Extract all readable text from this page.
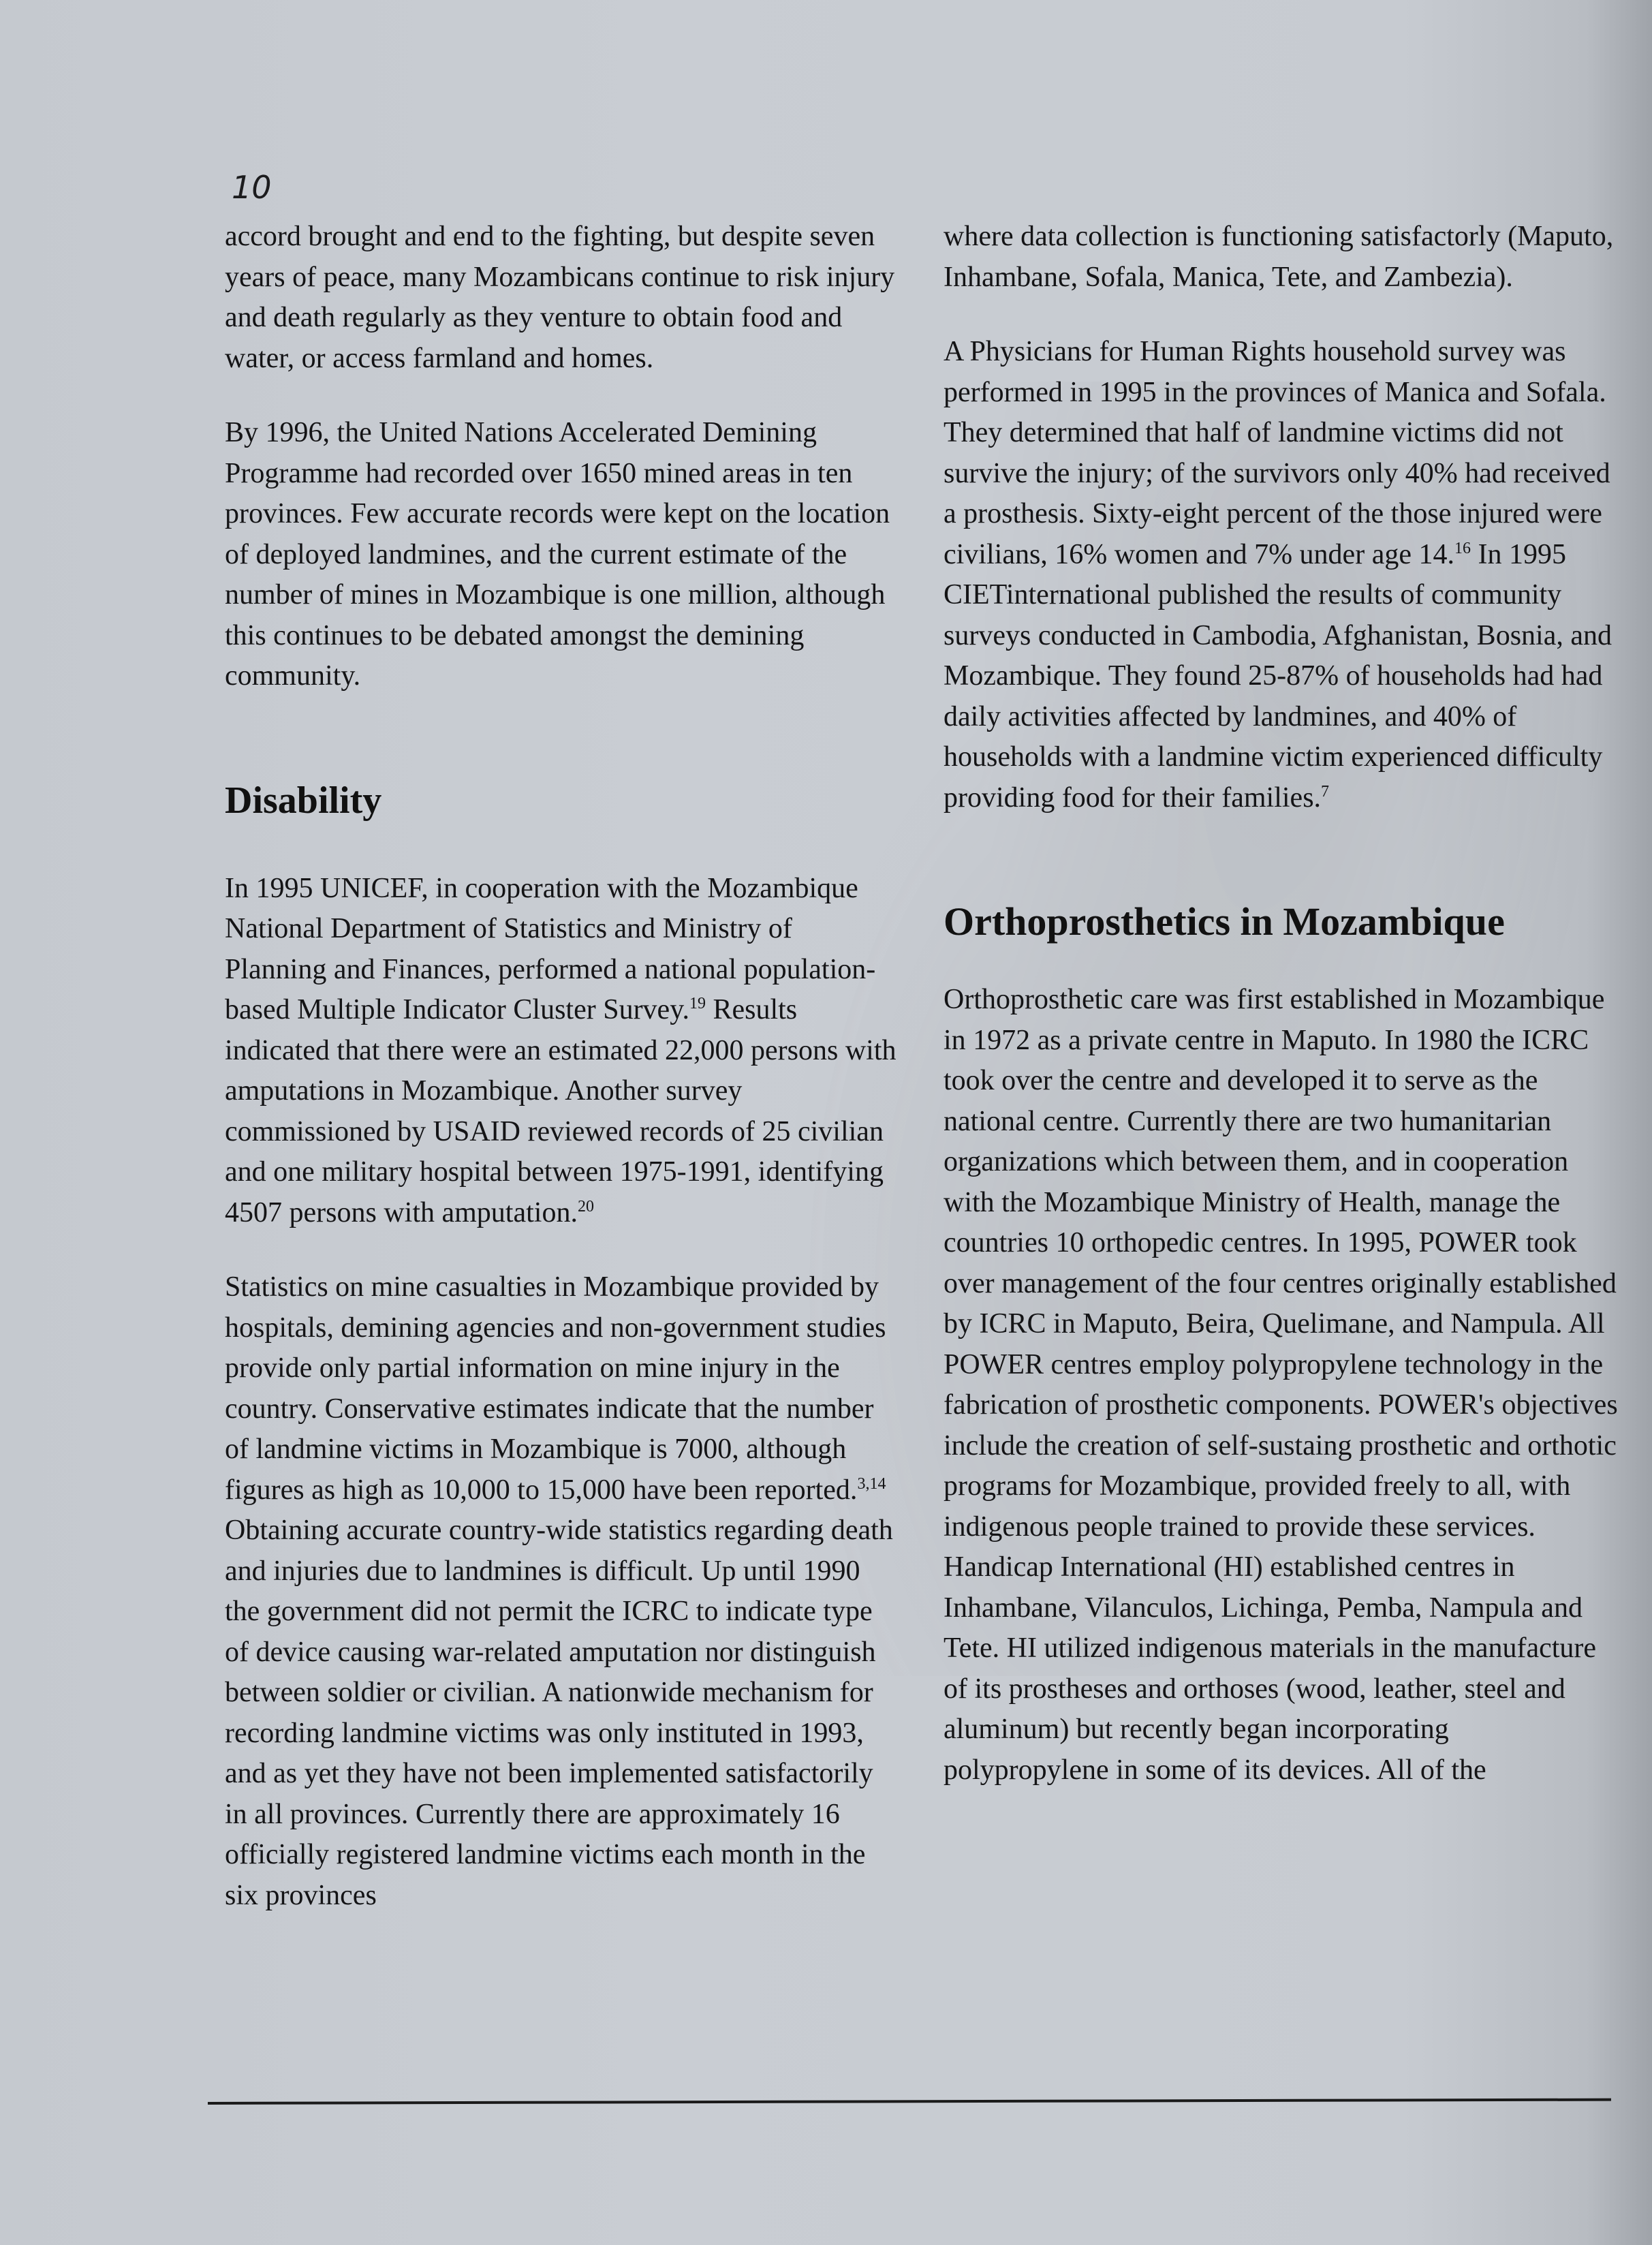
10

accord brought and end to the fighting, but despite seven years of peace, many Mozambicans continue to risk injury and death regularly as they venture to obtain food and water, or access farmland and homes.

By 1996, the United Nations Accelerated Demining Programme had recorded over 1650 mined areas in ten provinces. Few accurate records were kept on the location of deployed landmines, and the current estimate of the number of mines in Mozambique is one million, although this continues to be debated amongst the demining community.

Disability

In 1995 UNICEF, in cooperation with the Mozambique National Department of Statistics and Ministry of Planning and Finances, performed a national population-based Multiple Indicator Cluster Survey.$^{19}$ Results indicated that there were an estimated 22,000 persons with amputations in Mozambique. Another survey commissioned by USAID reviewed records of 25 civilian and one military hospital between 1975-1991, identifying 4507 persons with amputation.$^{20}$

Statistics on mine casualties in Mozambique provided by hospitals, demining agencies and non-government studies provide only partial information on mine injury in the country. Conservative estimates indicate that the number of landmine victims in Mozambique is 7000, although figures as high as 10,000 to 15,000 have been reported.$^{3,14}$ Obtaining accurate country-wide statistics regarding death and injuries due to landmines is difficult. Up until 1990 the government did not permit the ICRC to indicate type of device causing war-related amputation nor distinguish between soldier or civilian. A nationwide mechanism for recording landmine victims was only instituted in 1993, and as yet they have not been implemented satisfactorily in all provinces. Currently there are approximately 16 officially registered landmine victims each month in the six provinces

where data collection is functioning satisfactorly (Maputo, Inhambane, Sofala, Manica, Tete, and Zambezia).

A Physicians for Human Rights household survey was performed in 1995 in the provinces of Manica and Sofala. They determined that half of landmine victims did not survive the injury; of the survivors only 40% had received a prosthesis. Sixty-eight percent of the those injured were civilians, 16% women and 7% under age 14.16 In 1995 CIETinternational published the results of community surveys conducted in Cambodia, Afghanistan, Bosnia, and Mozambique. They found 25-87% of households had had daily activities affected by landmines, and 40% of households with a landmine victim experienced difficulty providing food for their families.$^7$

Orthoprosthetics in Mozambique

Orthoprosthetic care was first established in Mozambique in 1972 as a private centre in Maputo. In 1980 the ICRC took over the centre and developed it to serve as the national centre. Currently there are two humanitarian organizations which between them, and in cooperation with the Mozambique Ministry of Health, manage the countries 10 orthopedic centres. In 1995, POWER took over management of the four centres originally established by ICRC in Maputo, Beira, Quelimane, and Nampula. All POWER centres employ polypropylene technology in the fabrication of prosthetic components. POWER's objectives include the creation of self-sustaing prosthetic and orthotic programs for Mozambique, provided freely to all, with indigenous people trained to provide these services. Handicap International (HI) established centres in Inhambane, Vilanculos, Lichinga, Pemba, Nampula and Tete. HI utilized indigenous materials in the manufacture of its prostheses and orthoses (wood, leather, steel and aluminum) but recently began incorporating polypropylene in some of its devices. All of the
